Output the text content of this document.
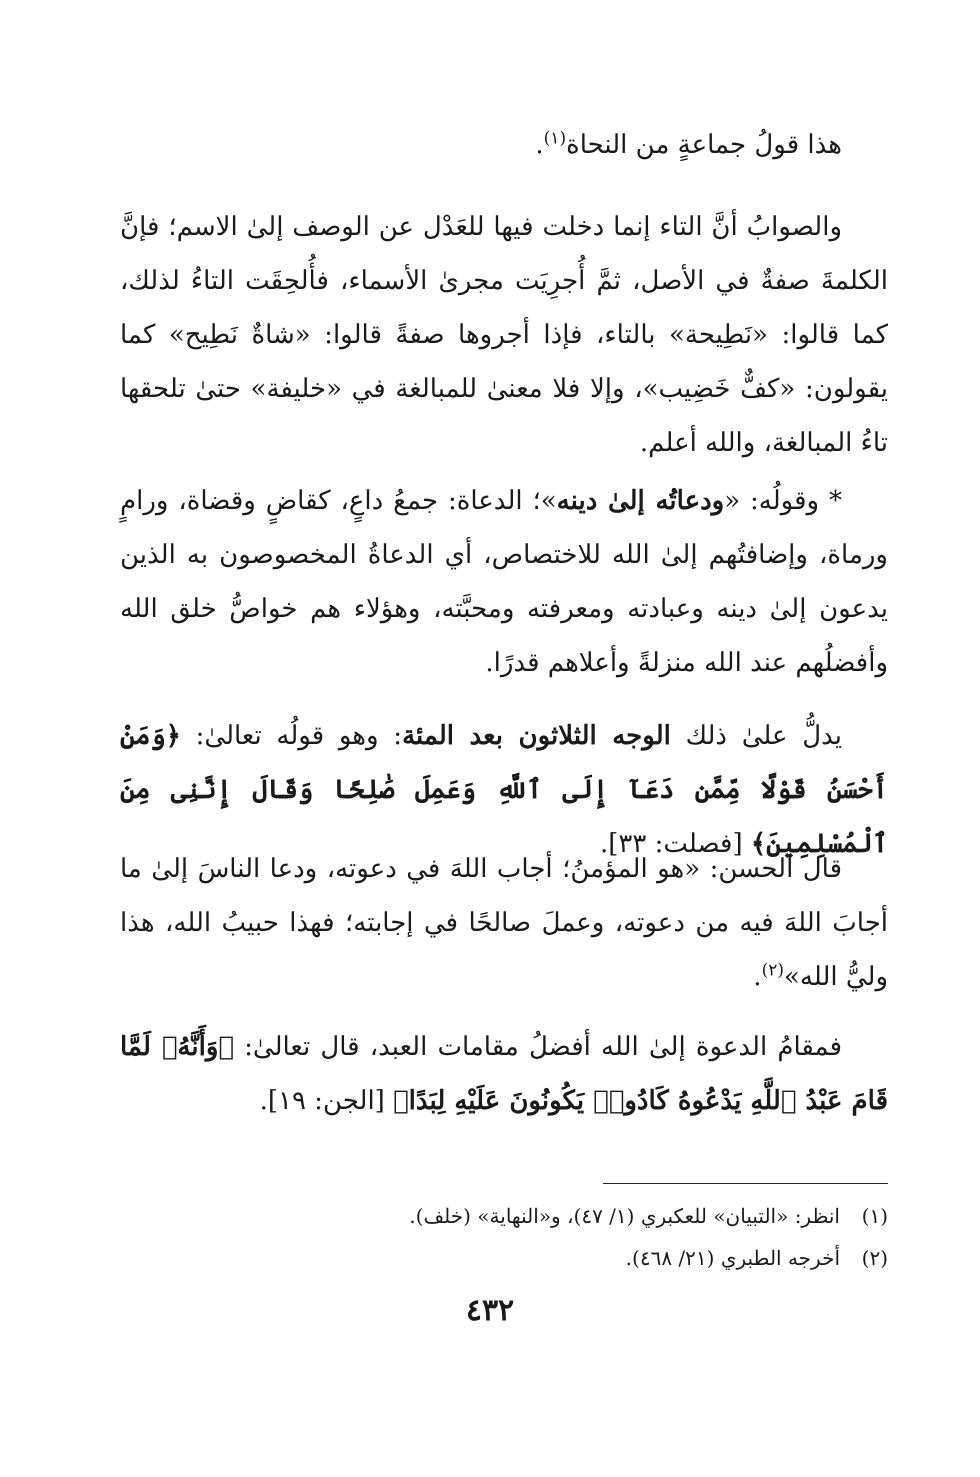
هذا قولُ جماعةٍ من النحاة$^{(١)}$.

والصوابُ أنَّ التاء إنما دخلت فيها للعَدْل عن الوصف إلىٰ الاسم؛ فإنَّ الكلمةَ صفةٌ في الأصل، ثمَّ أُجرِيَت مجرىٰ الأسماء، فأُلحِقَت التاءُ لذلك، كما قالوا: «نَطِيحة» بالتاء، فإذا أجروها صفةً قالوا: «شاةٌ نَطِيح» كما يقولون: «كفٌّ خَضِيب»، وإلا فلا معنىٰ للمبالغة في «خليفة» حتىٰ تلحقها تاءُ المبالغة، والله أعلم.

* وقولُه: «ودعاتُه إلىٰ دينه»؛ الدعاة: جمعُ داعٍ، كقاضٍ وقضاة، ورامٍ ورماة، وإضافتُهم إلىٰ الله للاختصاص، أي الدعاةُ المخصوصون به الذين يدعون إلىٰ دينه وعبادته ومعرفته ومحبَّته، وهؤلاء هم خواصُّ خلق الله وأفضلُهم عند الله منزلةً وأعلاهم قدرًا.

يدلُّ علىٰ ذلك الوجه الثلاثون بعد المئة: وهو قولُه تعالىٰ: ﴿وَمَنْ أَحْسَنُ قَوْلًا مِّمَّن دَعَآ إِلَى ٱللَّهِ وَعَمِلَ صَٰلِحًا وَقَالَ إِنَّنِى مِنَ ٱلْمُسْلِمِينَ﴾ [فصلت: ٣٣].

قال الحسن: «هو المؤمنُ؛ أجاب اللهَ في دعوته، ودعا الناسَ إلىٰ ما أجابَ اللهَ فيه من دعوته، وعملَ صالحًا في إجابته؛ فهذا حبيبُ الله، هذا وليُّ الله»$^{(٢)}$.

فمقامُ الدعوة إلىٰ الله أفضلُ مقامات العبد، قال تعالىٰ: ﴿وَأَنَّهُۥ لَمَّا قَامَ عَبْدُ ٱللَّهِ يَدْعُوهُ كَادُوا۟ يَكُونُونَ عَلَيْهِ لِبَدًا﴾ [الجن: ١٩].

(١)انظر: «التبيان» للعكبري (١/ ٤٧)، و«النهاية» (خلف).
(٢)أخرجه الطبري (٢١/ ٤٦٨).
٤٣٢
